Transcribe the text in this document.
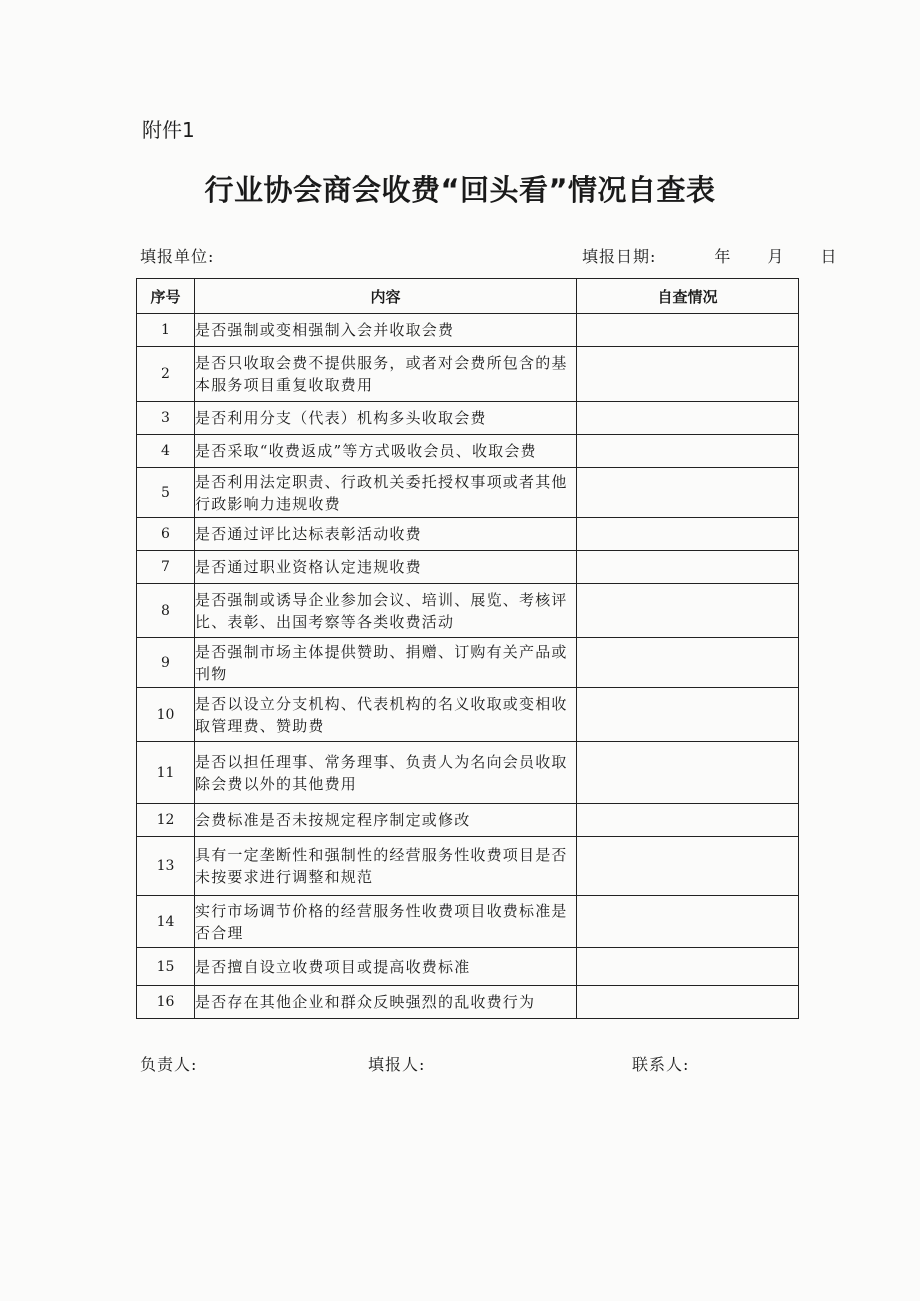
附件1
行业协会商会收费“回头看”情况自查表
填报单位:	填报日期:	年 月 日
序号	内容	自查情况
1	是否强制或变相强制入会并收取会费	
2	是否只收取会费不提供服务，或者对会费所包含的基本服务项目重复收取费用	
3	是否利用分支（代表）机构多头收取会费	
4	是否采取“收费返成”等方式吸收会员、收取会费	
5	是否利用法定职责、行政机关委托授权事项或者其他行政影响力违规收费	
6	是否通过评比达标表彰活动收费	
7	是否通过职业资格认定违规收费	
8	是否强制或诱导企业参加会议、培训、展览、考核评比、表彰、出国考察等各类收费活动	
9	是否强制市场主体提供赞助、捐赠、订购有关产品或刊物	
10	是否以设立分支机构、代表机构的名义收取或变相收取管理费、赞助费	
11	是否以担任理事、常务理事、负责人为名向会员收取除会费以外的其他费用	
12	会费标准是否未按规定程序制定或修改	
13	具有一定垄断性和强制性的经营服务性收费项目是否未按要求进行调整和规范	
14	实行市场调节价格的经营服务性收费项目收费标准是否合理	
15	是否擅自设立收费项目或提高收费标准	
16	是否存在其他企业和群众反映强烈的乱收费行为	
负责人:	填报人:	联系人:
